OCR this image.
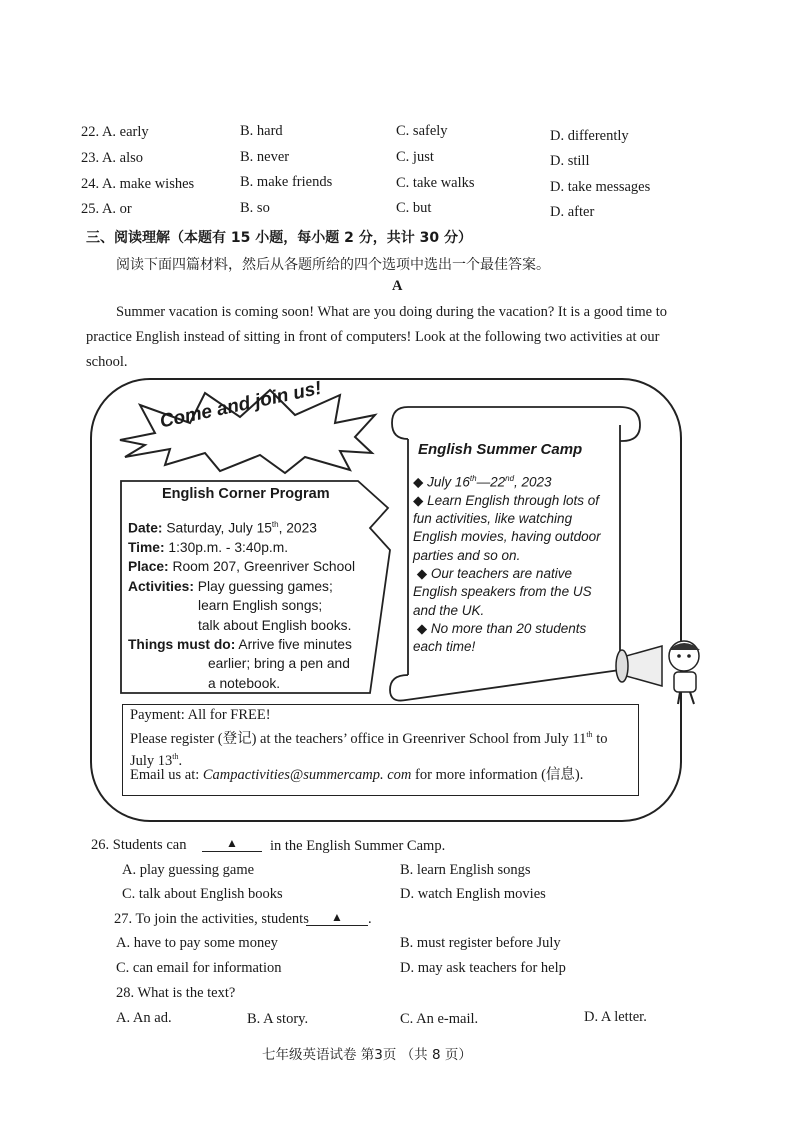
22. A. early	B. hard	C. safely	D. differently
23. A. also	B. never	C. just	D. still
24. A. make wishes	B. make friends	C. take walks	D. take messages
25. A. or	B. so	C. but	D. after
三、阅读理解（本题有 15 小题，每小题 2 分，共计 30 分）
阅读下面四篇材料，然后从各题所给的四个选项中选出一个最佳答案。
A
Summer vacation is coming soon! What are you doing during the vacation? It is a good time to
practice English instead of sitting in front of computers! Look at the following two activities at our
school.
Come and join us!
English Summer Camp
◆ July 16th—22nd, 2023
◆ Learn English through lots of fun activities, like watching English movies, having outdoor parties and so on.
◆ Our teachers are native English speakers from the US and the UK.
◆ No more than 20 students each time!
English Corner Program
Date: Saturday, July 15th, 2023
Time: 1:30p.m. - 3:40p.m.
Place: Room 207, Greenriver School
Activities: Play guessing games;
learn English songs;
talk about English books.
Things must do: Arrive five minutes
earlier; bring a pen and
a notebook.
Payment: All for FREE!
Please register (登记) at the teachers’ office in Greenriver School from July 11th to July 13th.
Email us at: Campactivities@summercamp. com for more information (信息).
26. Students can	▲	in the English Summer Camp.
A. play guessing game	B. learn English songs
C. talk about English books	D. watch English movies
27. To join the activities, students	▲	.
A. have to pay some money	B. must register before July
C. can email for information	D. may ask teachers for help
28. What is the text?
A. An ad.	B. A story.	C. An e-mail.	D. A letter.
七年级英语试卷 第3页 （共 8 页）
